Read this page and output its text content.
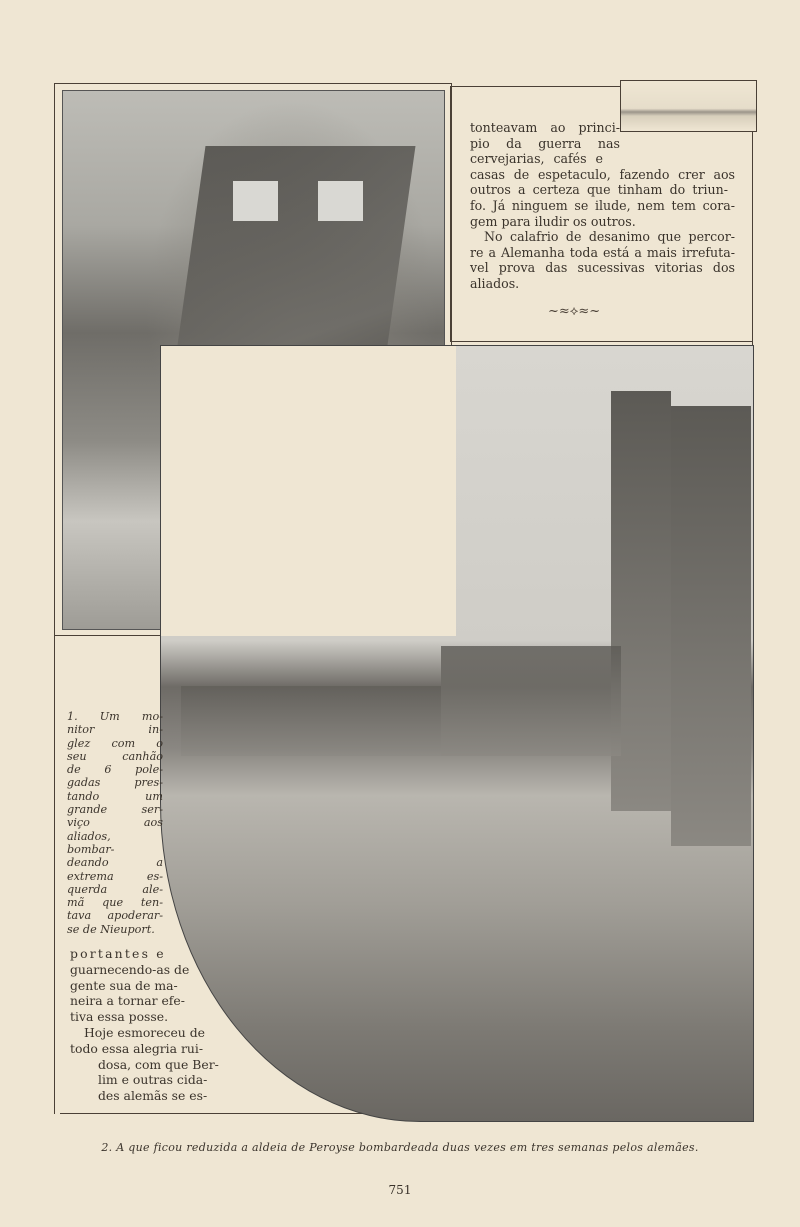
tonteavam ao princi-
pio da guerra nas
cervejarias, cafés e
casas de espetaculo, fazendo crer aos
outros a certeza que tinham do triun-
fo. Já ninguem se ilude, nem tem cora-
gem para iludir os outros.
No calafrio de desanimo que percor-
re a Alemanha toda está a mais irrefuta-
vel prova das sucessivas vitorias dos
aliados.
~≈⟡≈~
1. Um mo-
nitor in-
glez com o
seu canhão
de 6 pole-
gadas pres-
tando um
grande ser-
viço aos
aliados,
bombar-
deando a
extrema es-
querda ale-
mã que ten-
tava apoderar-
se de Nieuport.
portantes e
guarnecendo-as de
gente sua de ma-
neira a tornar efe-
tiva essa posse.
Hoje esmoreceu de
todo essa alegria rui-
dosa, com que Ber-
lim e outras cida-
des alemãs se es-
2. A que ficou reduzida a aldeia de Peroyse bombardeada duas vezes em tres semanas pelos alemães.
751
